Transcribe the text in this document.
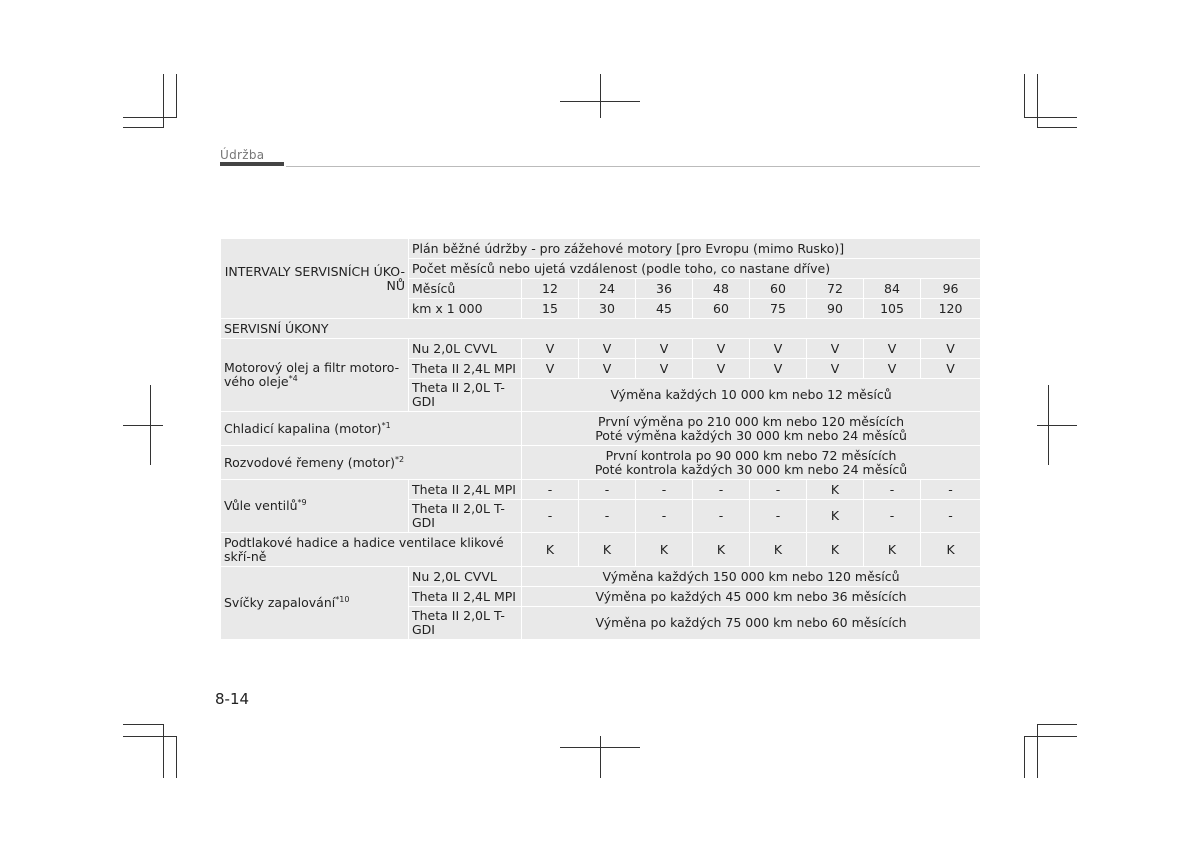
Údržba
INTERVALY SERVISNÍCH ÚKO-NŮ	Plán běžné údržby - pro zážehové motory [pro Evropu (mimo Rusko)]								
	Počet měsíců nebo ujetá vzdálenost (podle toho, co nastane dříve)								
	Měsíců	12	24	36	48	60	72	84	96
	km x 1 000	15	30	45	60	75	90	105	120
SERVISNÍ ÚKONY									
Motorový olej a filtr motoro-vého oleje$^{*4}$	Nu 2,0L CVVL	V	V	V	V	V	V	V	V
	Theta II 2,4L MPI	V	V	V	V	V	V	V	V
	Theta II 2,0L T-GDI	Výměna každých 10 000 km nebo 12 měsíců							
Chladicí kapalina (motor)$^{*1}$		První výměna po 210 000 km nebo 120 měsících
Poté výměna každých 30 000 km nebo 24 měsíců							

Rozvodové řemeny (motor)$^{*2}$		První kontrola po 90 000 km nebo 72 měsících
Poté kontrola každých 30 000 km nebo 24 měsíců							

Vůle ventilů$^{*9}$	Theta II 2,4L MPI	-	-	-	-	-	K	-	-
	Theta II 2,0L T-GDI	-	-	-	-	-	K	-	-
Podtlakové hadice a hadice ventilace klikové skří-ně		K	K	K	K	K	K	K	K
Svíčky zapalování$^{*10}$	Nu 2,0L CVVL	Výměna každých 150 000 km nebo 120 měsíců							
	Theta II 2,4L MPI	Výměna po každých 45 000 km nebo 36 měsících							
	Theta II 2,0L T-GDI	Výměna po každých 75 000 km nebo 60 měsících							
8-14
